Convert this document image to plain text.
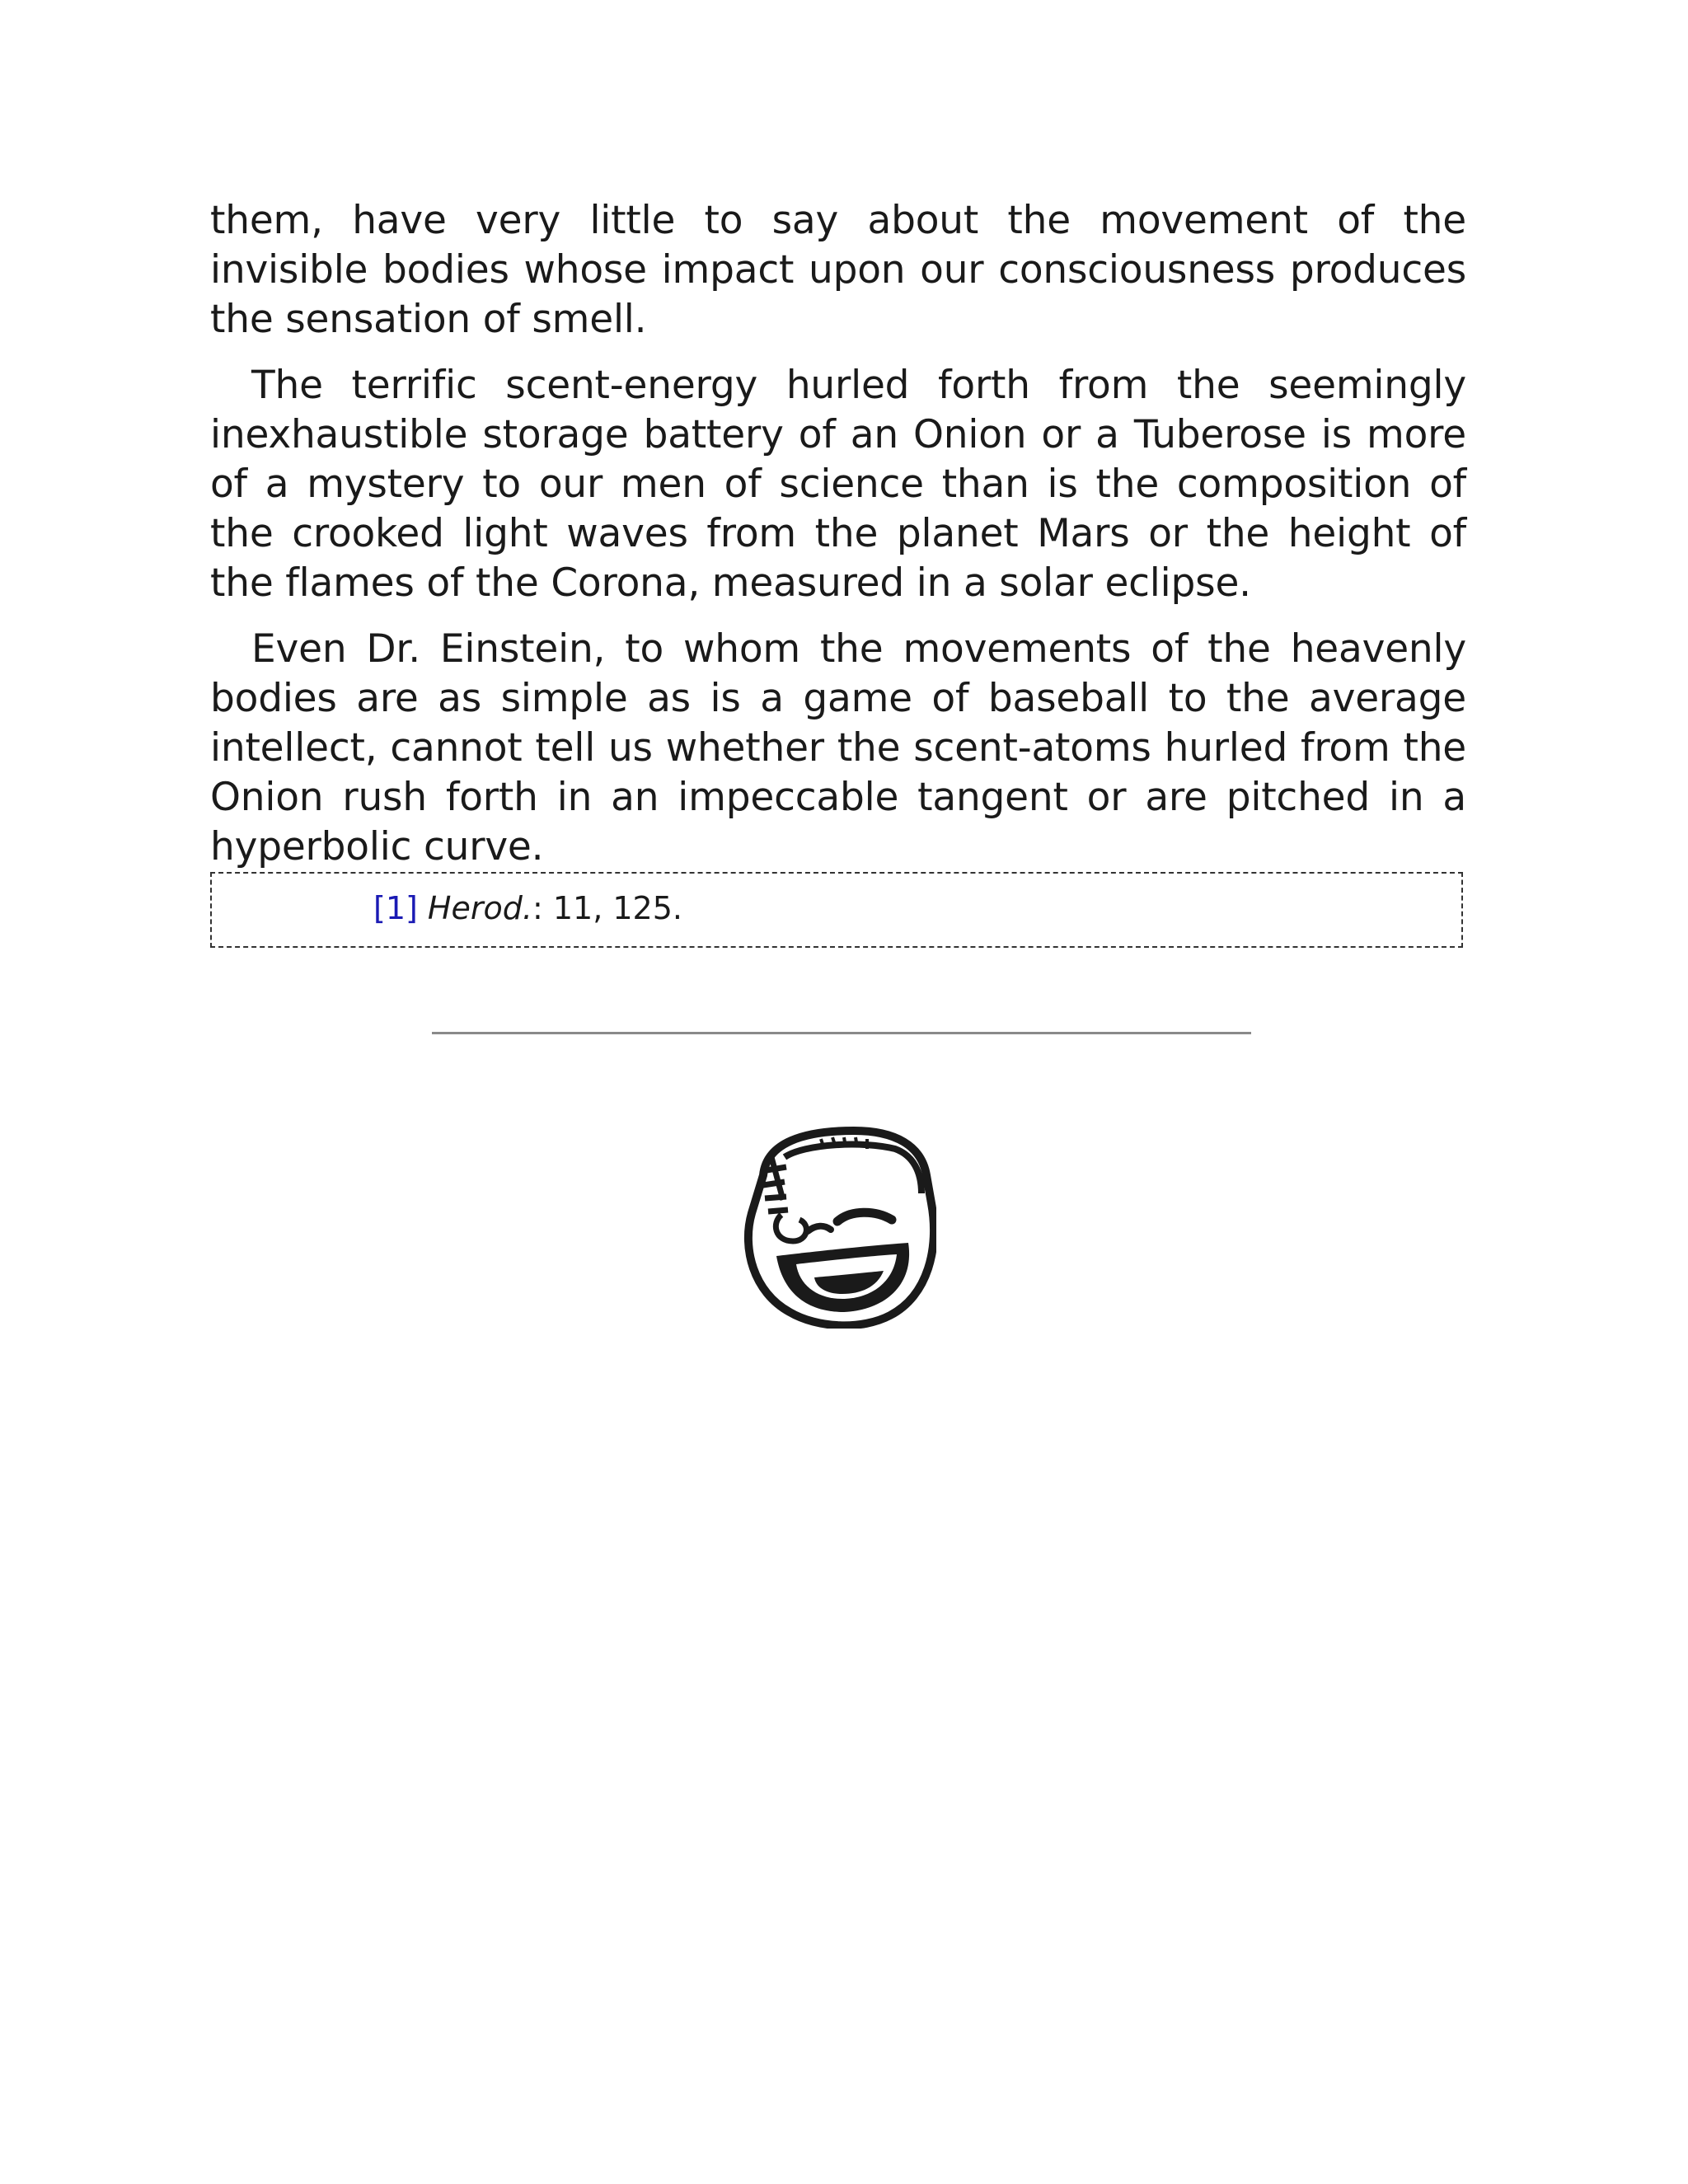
them, have very little to say about the movement of the invisible bodies whose impact upon our consciousness produces the sensation of smell.

The terrific scent-energy hurled forth from the seemingly inexhaustible storage battery of an Onion or a Tuberose is more of a mystery to our men of science than is the composition of the crooked light waves from the planet Mars or the height of the flames of the Corona, measured in a solar eclipse.

Even Dr. Einstein, to whom the movements of the heavenly bodies are as simple as is a game of baseball to the average intellect, cannot tell us whether the scent-atoms hurled from the Onion rush forth in an impeccable tangent or are pitched in a hyperbolic curve.

[1] Herod.: 11, 125.
